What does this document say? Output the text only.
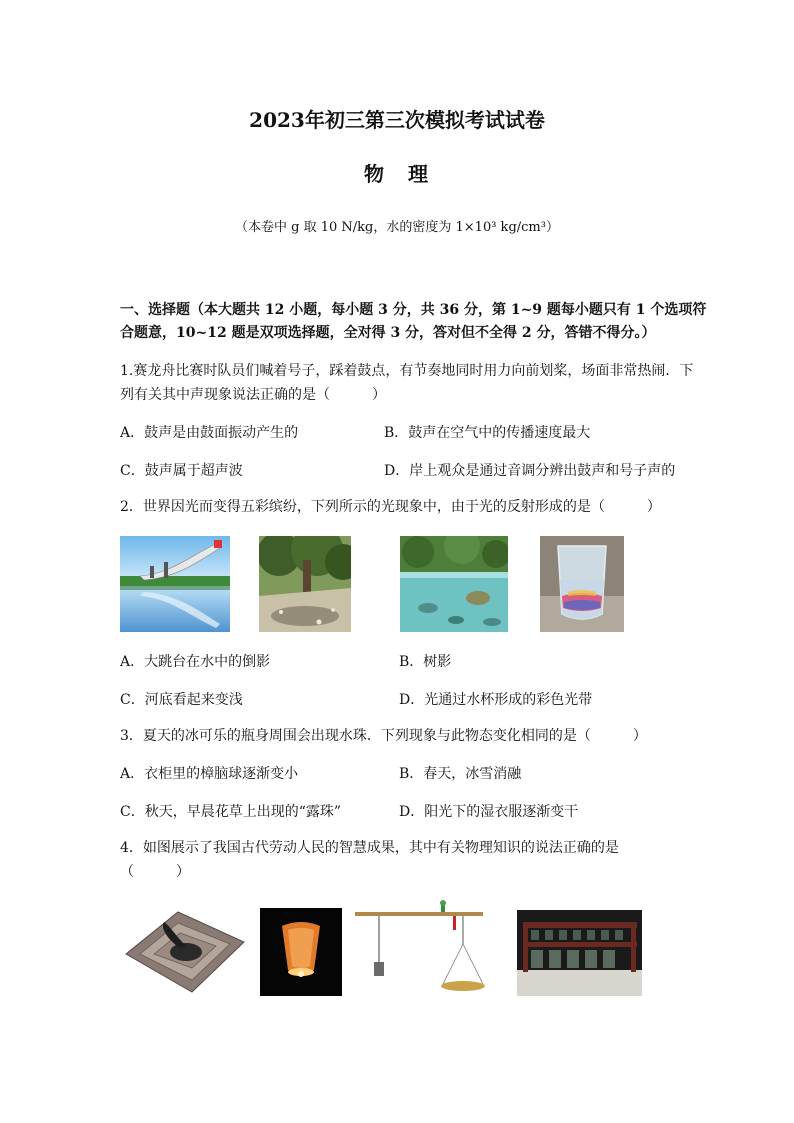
2023年初三第三次模拟考试试卷
物　理
（本卷中 g 取 10 N/kg，水的密度为 1×10³ kg/cm³）
一、选择题（本大题共 12 小题，每小题 3 分，共 36 分，第 1~9 题每小题只有 1 个选项符
合题意，10~12 题是双项选择题，全对得 3 分，答对但不全得 2 分，答错不得分。）
1.赛龙舟比赛时队员们喊着号子，踩着鼓点，有节奏地同时用力向前划桨，场面非常热闹．下
列有关其中声现象说法正确的是（　　　）
A．鼓声是由鼓面振动产生的	B．鼓声在空气中的传播速度最大
C．鼓声属于超声波	D．岸上观众是通过音调分辨出鼓声和号子声的
2．世界因光而变得五彩缤纷，下列所示的光现象中，由于光的反射形成的是（　　　）
A．大跳台在水中的倒影	B．树影
C．河底看起来变浅	D．光通过水杯形成的彩色光带
3．夏天的冰可乐的瓶身周围会出现水珠．下列现象与此物态变化相同的是（　　　）
A．衣柜里的樟脑球逐渐变小	B．春天，冰雪消融
C．秋天，早晨花草上出现的“露珠”	D．阳光下的湿衣服逐渐变干
4．如图展示了我国古代劳动人民的智慧成果，其中有关物理知识的说法正确的是
（　　　）
